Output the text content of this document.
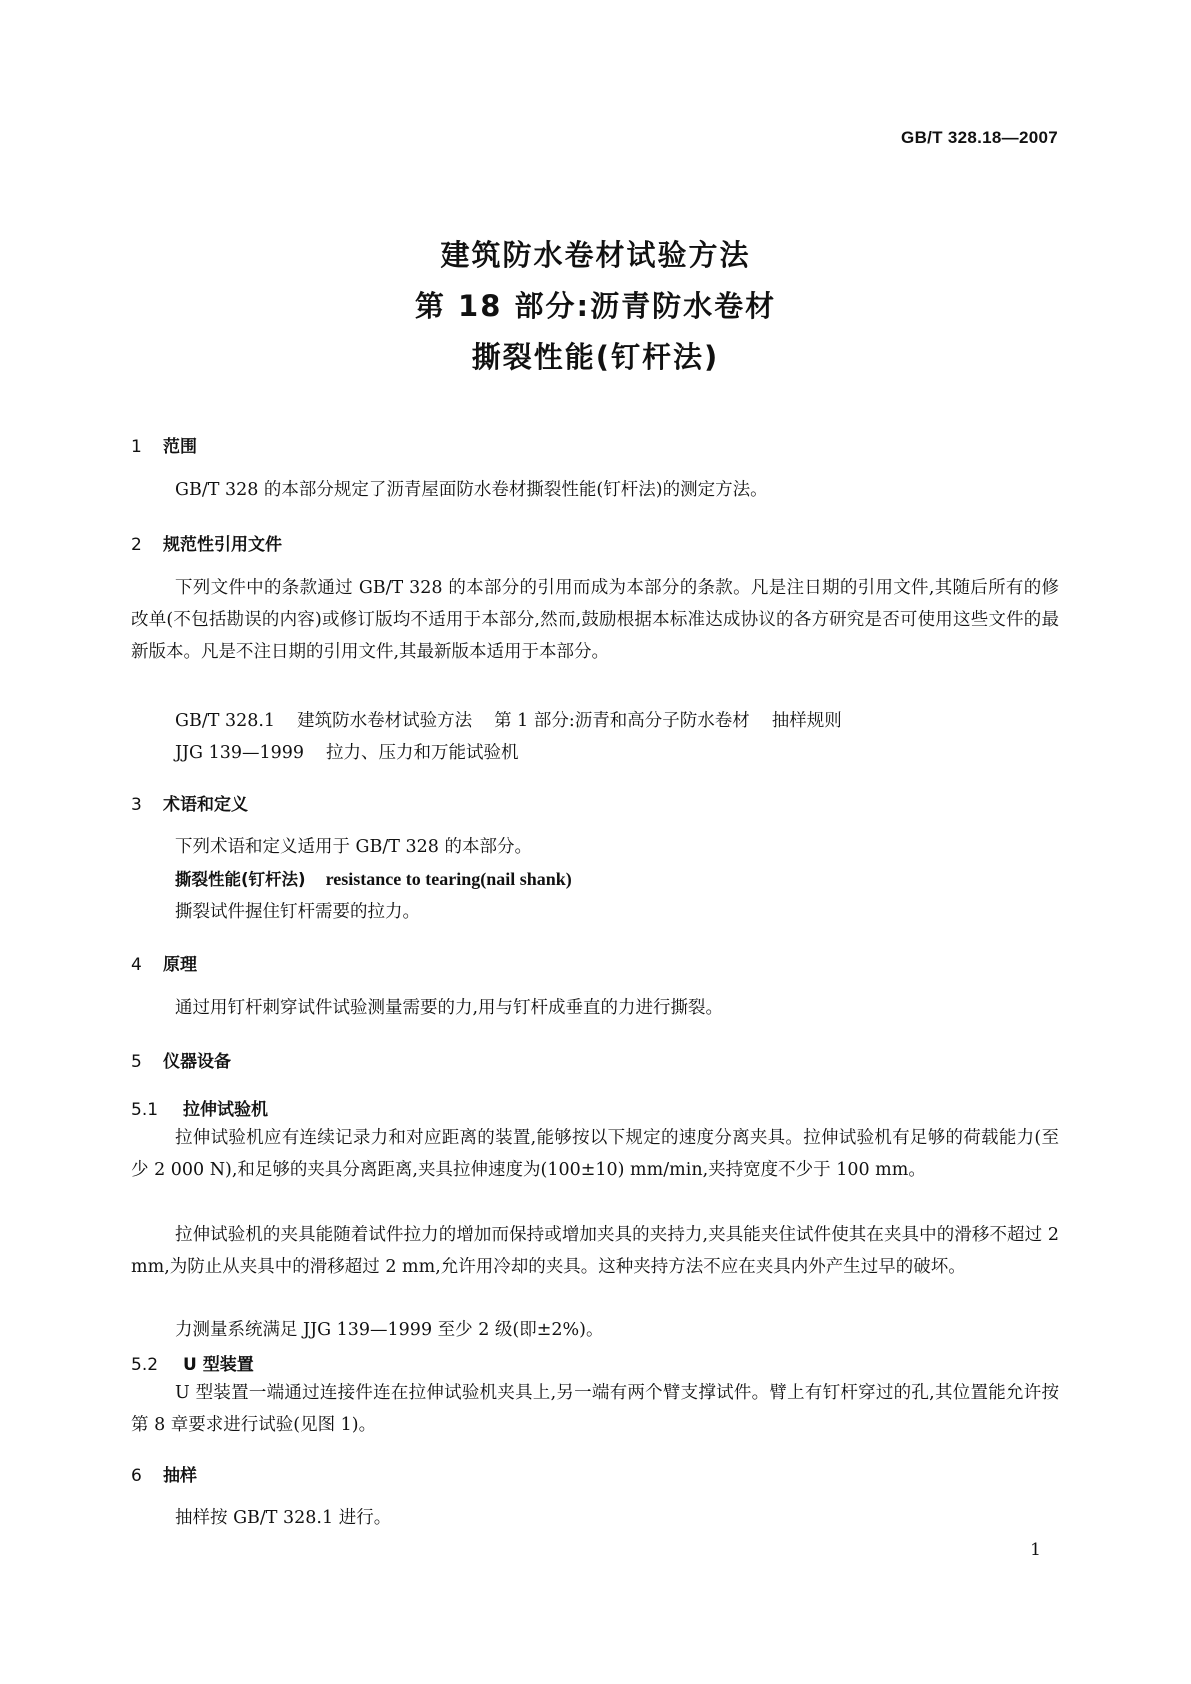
GB/T 328.18—2007
建筑防水卷材试验方法
第 18 部分:沥青防水卷材
撕裂性能(钉杆法)
1 范围
GB/T 328 的本部分规定了沥青屋面防水卷材撕裂性能(钉杆法)的测定方法。
2 规范性引用文件
下列文件中的条款通过 GB/T 328 的本部分的引用而成为本部分的条款。凡是注日期的引用文件,其随后所有的修改单(不包括勘误的内容)或修订版均不适用于本部分,然而,鼓励根据本标准达成协议的各方研究是否可使用这些文件的最新版本。凡是不注日期的引用文件,其最新版本适用于本部分。
GB/T 328.1 建筑防水卷材试验方法 第 1 部分:沥青和高分子防水卷材 抽样规则
JJG 139—1999 拉力、压力和万能试验机
3 术语和定义
下列术语和定义适用于 GB/T 328 的本部分。
撕裂性能(钉杆法) resistance to tearing(nail shank)
撕裂试件握住钉杆需要的拉力。
4 原理
通过用钉杆刺穿试件试验测量需要的力,用与钉杆成垂直的力进行撕裂。
5 仪器设备
5.1 拉伸试验机
拉伸试验机应有连续记录力和对应距离的装置,能够按以下规定的速度分离夹具。拉伸试验机有足够的荷载能力(至少 2 000 N),和足够的夹具分离距离,夹具拉伸速度为(100±10) mm/min,夹持宽度不少于 100 mm。
拉伸试验机的夹具能随着试件拉力的增加而保持或增加夹具的夹持力,夹具能夹住试件使其在夹具中的滑移不超过 2 mm,为防止从夹具中的滑移超过 2 mm,允许用冷却的夹具。这种夹持方法不应在夹具内外产生过早的破坏。
力测量系统满足 JJG 139—1999 至少 2 级(即±2%)。
5.2 U 型装置
U 型装置一端通过连接件连在拉伸试验机夹具上,另一端有两个臂支撑试件。臂上有钉杆穿过的孔,其位置能允许按第 8 章要求进行试验(见图 1)。
6 抽样
抽样按 GB/T 328.1 进行。
1
